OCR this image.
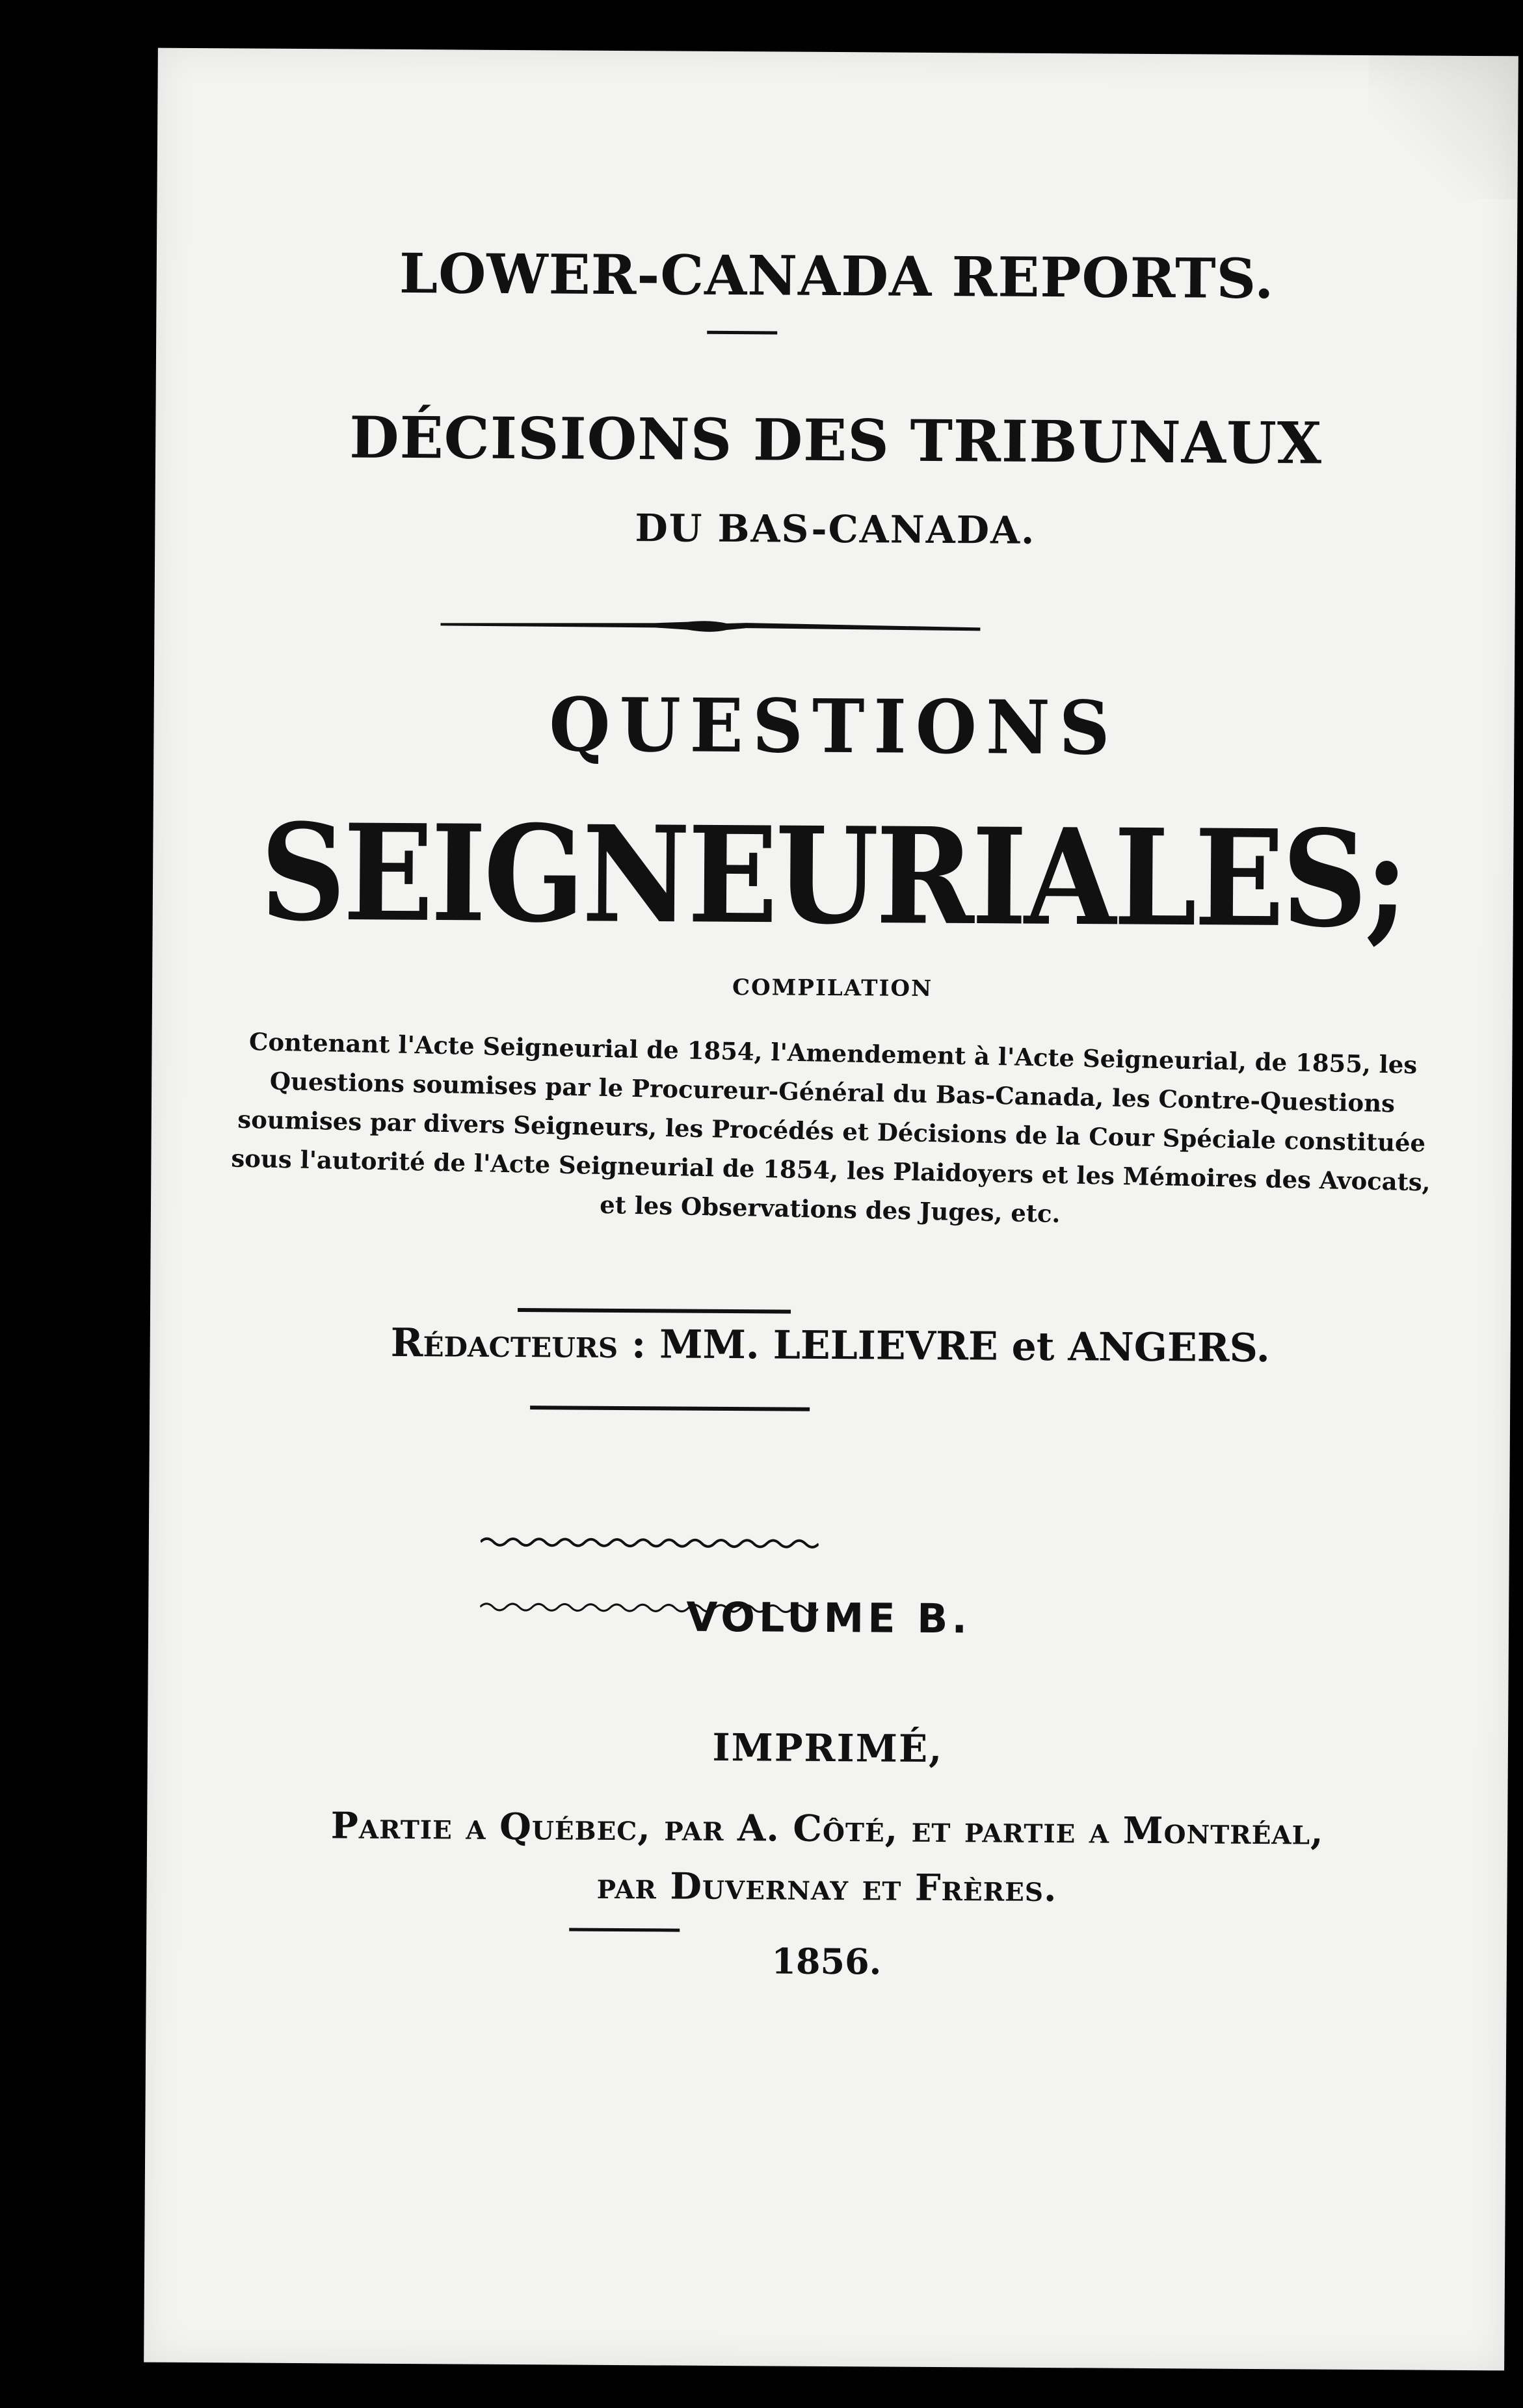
LOWER-CANADA REPORTS.

DÉCISIONS DES TRIBUNAUX

DU BAS-CANADA.

QUESTIONS

SEIGNEURIALES;

COMPILATION

Contenant l'Acte Seigneurial de 1854, l'Amendement à l'Acte Seigneurial, de 1855, les Questions soumises par le Procureur-Général du Bas-Canada, les Contre-Questions soumises par divers Seigneurs, les Procédés et Décisions de la Cour Spéciale constituée sous l'autorité de l'Acte Seigneurial de 1854, les Plaidoyers et les Mémoires des Avocats, et les Observations des Juges, etc.

Rédacteurs : MM. LELIEVRE et ANGERS.

VOLUME B.

IMPRIMÉ,

Partie a Québec, par A. Côté, et partie a Montréal,

par Duvernay et Frères.

1856.
